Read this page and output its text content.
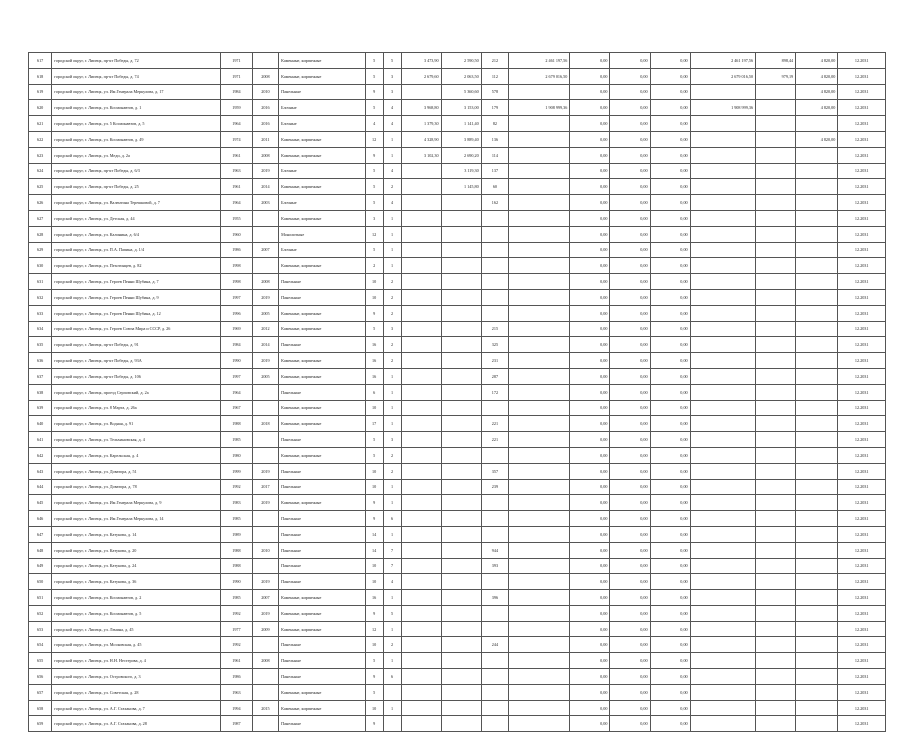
617	городской округ, г. Липецк, пр-кт Победы, д. 72	1971		Каменные, кирпичные	5	5	3 473,90	2 590,50	212	2 461 197,56	0,00	0,00	0,00	2 461 197,56	898,44	4 820,00	12.2031
618	городской округ, г. Липецк, пр-кт Победы, д. 74	1971	2008	Каменные, кирпичные	5	3	2 679,60	2 063,50	112	2 679 016,50	0,00	0,00	0,00	2 679 016,50	979,19	4 820,00	12.2031
619	городской округ, г. Липецк, ул. Им.Генерала Меркулова, д. 17	1984	2010	Панельные	9	3		5 360,60	578		0,00	0,00	0,00			4 820,00	12.2031
620	городской округ, г. Липецк, ул. Космонавтов, д. 1	1959	2016	Блочные	5	4	3 968,80	3 153,00	179	1 908 999,36	0,00	0,00	0,00	1 908 999,36		4 820,00	12.2031
621	городской округ, г. Липецк, ул. 5 Космонавтов, д. 5	1964	2016	Блочные	4	4	1 379,30	1 141,40	82		0,00	0,00	0,00				12.2031
622	городской округ, г. Липецк, ул. Космонавтов, д. 49	1974	2011	Каменные, кирпичные	12	1	4 328,90	3 889,40	136		0,00	0,00	0,00			4 820,00	12.2031
623	городской округ, г. Липецк, ул. Меди, д. 2а	1961	2008	Каменные, кирпичные	9	1	3 102,30	2 690,20	114		0,00	0,00	0,00				12.2031
624	городской округ, г. Липецк, пр-кт Победы, д. 6/3	1963	2019	Блочные	5	4		3 119,30	137		0,00	0,00	0,00				12.2031
625	городской округ, г. Липецк, пр-кт Победы, д. 25	1961	2014	Каменные, кирпичные	5	2		1 145,80	60		0,00	0,00	0,00				12.2031
626	городской округ, г. Липецк, ул. Валентина Терешковой, д. 7	1964	2003	Блочные	5	4			162		0,00	0,00	0,00				12.2031
627	городской округ, г. Липецк, ул. Детская, д. 44	1955		Каменные, кирпичные	3	1					0,00	0,00	0,00				12.2031
628	городской округ, г. Липецк, ул. Калинина, д. 6/4	1960		Монолитные	12	1					0,00	0,00	0,00				12.2031
629	городской округ, г. Липецк, ул. П.А. Папина, д. 1/4	1986	2007	Блочные	5	1					0,00	0,00	0,00				12.2031
630	городской округ, г. Липецк, ул. Пехотинцев, д. 82	1998		Каменные, кирпичные	2	1					0,00	0,00	0,00				12.2031
631	городской округ, г. Липецк, ул. Героев Пенни Шубина, д. 7	1998	2008	Панельные	10	2					0,00	0,00	0,00				12.2031
632	городской округ, г. Липецк, ул. Героев Пенни Шубина, д. 9	1997	2019	Панельные	10	2					0,00	0,00	0,00				12.2031
633	городской округ, г. Липецк, ул. Героев Пенни Шубина, д. 12	1996	2005	Каменные, кирпичные	9	2					0,00	0,00	0,00				12.2031
634	городской округ, г. Липецк, ул. Героев Союза Мира и СССР, д. 26	1969	2012	Каменные, кирпичные	5	3			215		0,00	0,00	0,00				12.2031
635	городской округ, г. Липецк, пр-кт Победы, д. 91	1984	2014	Панельные	16	2			325		0,00	0,00	0,00				12.2031
636	городской округ, г. Липецк, пр-кт Победы, д. 93А	1990	2019	Каменные, кирпичные	16	2			231		0,00	0,00	0,00				12.2031
637	городской округ, г. Липецк, пр-кт Победы, д. 106	1997	2005	Каменные, кирпичные	16	1			287		0,00	0,00	0,00				12.2031
638	городской округ, г. Липецк, проезд Серповский, д. 2а	1964		Панельные	6	1			172		0,00	0,00	0,00				12.2031
639	городской округ, г. Липецк, ул. 8 Марта, д. 26а	1967		Каменные, кирпичные	10	1					0,00	0,00	0,00				12.2031
640	городской округ, г. Липецк, ул. Водная, д. 91	1988	2018	Каменные, кирпичные	17	1			221		0,00	0,00	0,00				12.2031
641	городской округ, г. Липецк, ул. Тельмановская, д. 4	1985		Панельные	5	3			221		0,00	0,00	0,00				12.2031
642	городской округ, г. Липецк, ул. Карельская, д. 4	1980		Каменные, кирпичные	5	2					0,00	0,00	0,00				12.2031
643	городской округ, г. Липецк, ул. Доватора, д. 51	1999	2019	Панельные	10	2			357		0,00	0,00	0,00				12.2031
644	городской округ, г. Липецк, ул. Доватора, д. 78	1992	2017	Панельные	10	1			239		0,00	0,00	0,00				12.2031
645	городской округ, г. Липецк, ул. Им.Генерала Меркулова, д. 9	1983	2019	Каменные, кирпичные	9	1					0,00	0,00	0,00				12.2031
646	городской округ, г. Липецк, ул. Им.Генерала Меркулова, д. 14	1985		Панельные	9	6					0,00	0,00	0,00				12.2031
647	городской округ, г. Липецк, ул. Катукова, д. 14	1989		Панельные	14	1					0,00	0,00	0,00				12.2031
648	городской округ, г. Липецк, ул. Катукова, д. 20	1988	2010	Панельные	14	7			944		0,00	0,00	0,00				12.2031
649	городской округ, г. Липецк, ул. Катукова, д. 24	1988		Панельные	10	7			393		0,00	0,00	0,00				12.2031
650	городской округ, г. Липецк, ул. Катукова, д. 36	1990	2019	Панельные	10	4					0,00	0,00	0,00				12.2031
651	городской округ, г. Липецк, ул. Космонавтов, д. 2	1985	2007	Каменные, кирпичные	16	1			396		0,00	0,00	0,00				12.2031
652	городской округ, г. Липецк, ул. Космонавтов, д. 5	1992	2019	Каменные, кирпичные	9	5					0,00	0,00	0,00				12.2031
653	городской округ, г. Липецк, ул. Ленина, д. 45	1977	2009	Каменные, кирпичные	12	1					0,00	0,00	0,00				12.2031
654	городской округ, г. Липецк, ул. Московская, д. 45	1992		Панельные	10	2			244		0,00	0,00	0,00				12.2031
655	городской округ, г. Липецк, ул. Н.Н. Нестерова, д. 4	1961	2008	Панельные	5	1					0,00	0,00	0,00				12.2031
656	городской округ, г. Липецк, ул. Островского, д. 3	1986		Панельные	9	6					0,00	0,00	0,00				12.2031
657	городской округ, г. Липецк, ул. Советская, д. 28	1963		Каменные, кирпичные	5						0,00	0,00	0,00				12.2031
658	городской округ, г. Липецк, ул. А.Г. Стаханова, д. 7	1994	2015	Каменные, кирпичные	10	1					0,00	0,00	0,00				12.2031
659	городской округ, г. Липецк, ул. А.Г. Стаханова, д. 28	1987		Панельные	9						0,00	0,00	0,00				12.2031
